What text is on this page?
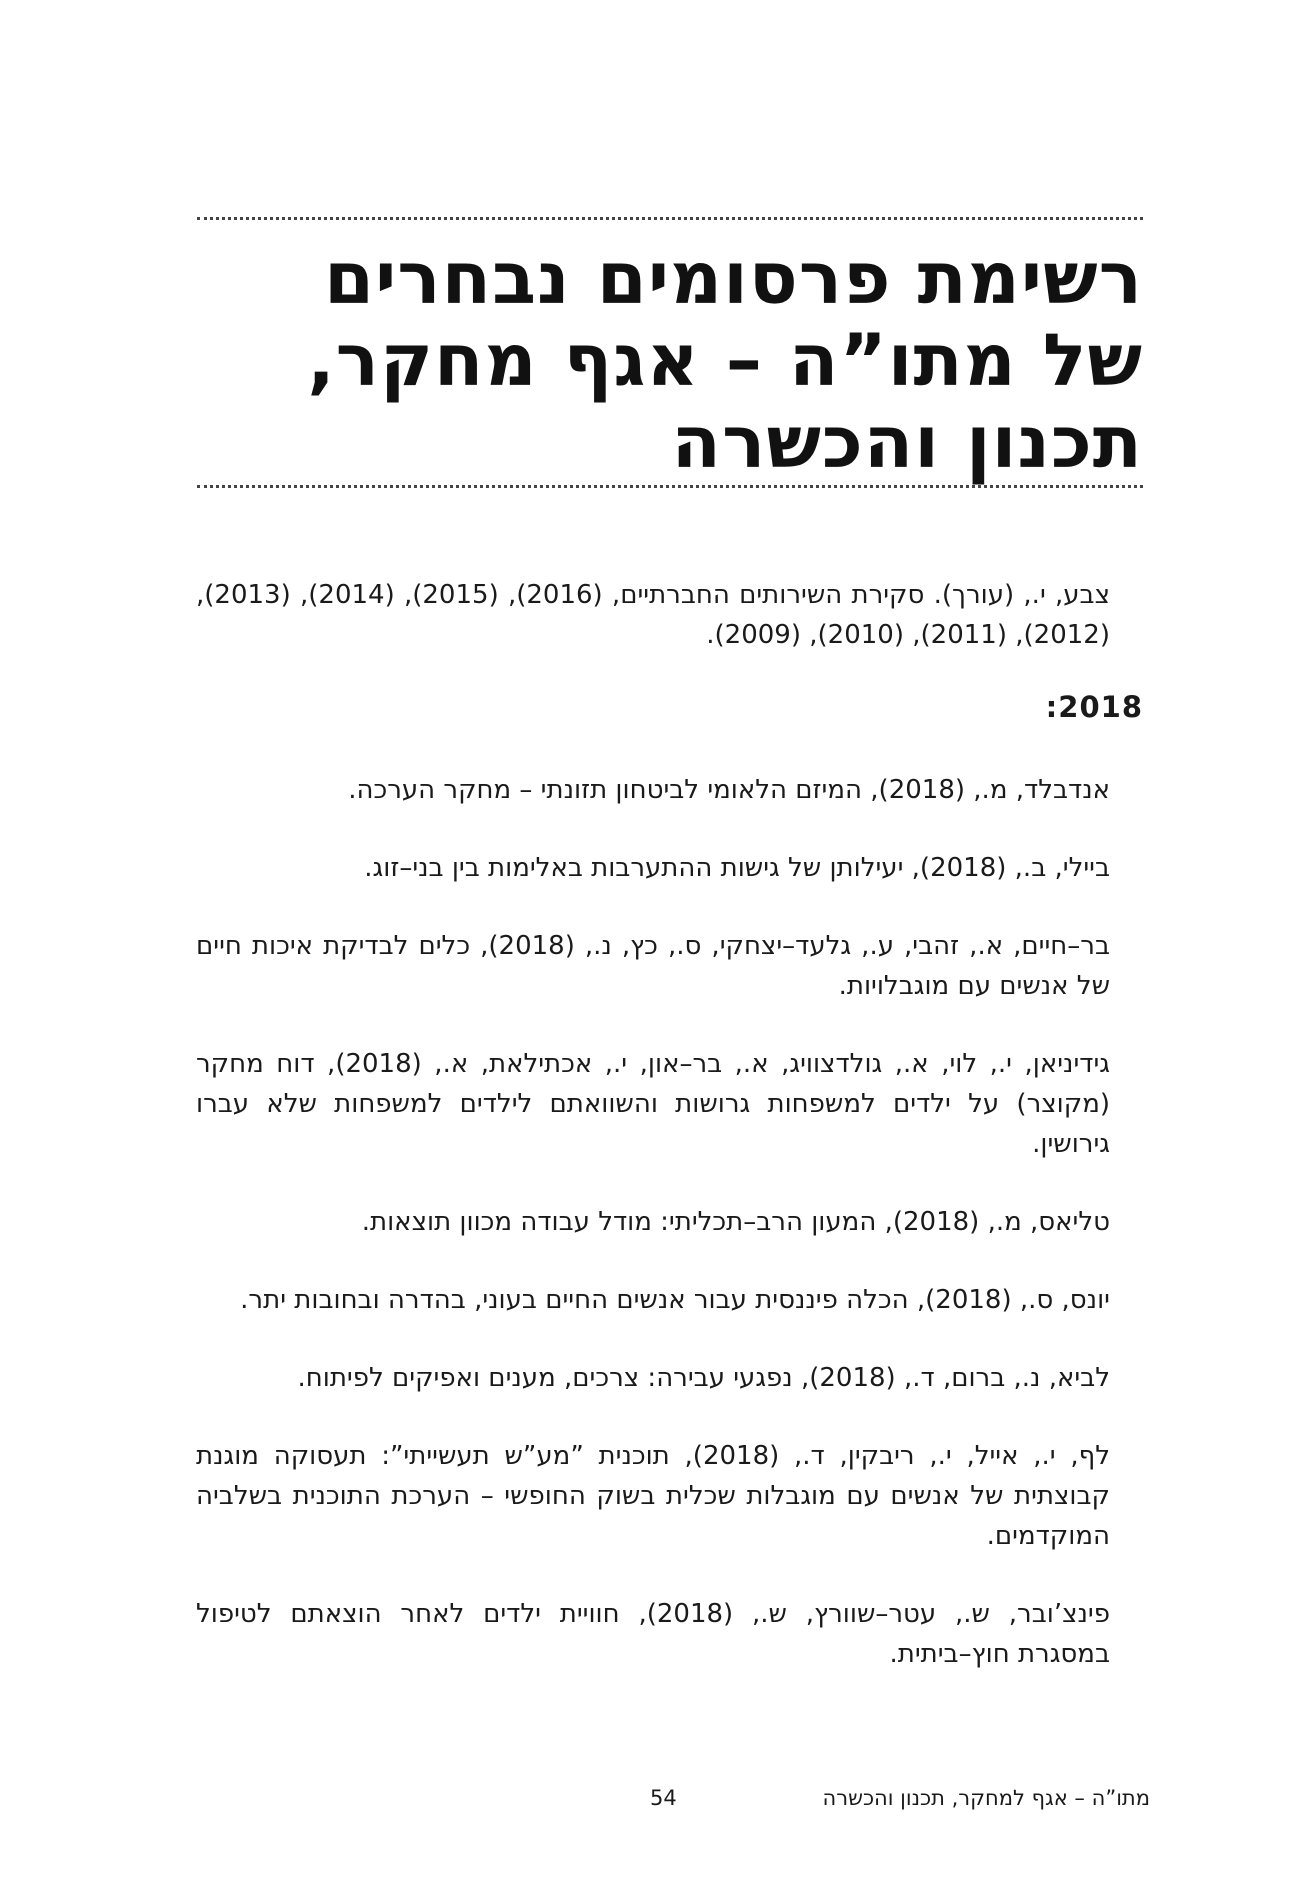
רשימת פרסומים נבחרים
של מתו”ה – אגף מחקר,
תכנון והכשרה

צבע, י., (עורך). סקירת השירותים החברתיים, (2016), (2015), (2014), (2013), (2012), (2011), (2010), (2009).

2018:
אנדבלד, מ., (2018), המיזם הלאומי לביטחון תזונתי – מחקר הערכה.
ביילי, ב., (2018), יעילותן של גישות ההתערבות באלימות בין בני–זוג.
בר–חיים, א., זהבי, ע., גלעד–יצחקי, ס., כץ, נ., (2018), כלים לבדיקת איכות חיים של אנשים עם מוגבלויות.
גידיניאן, י., לוי, א., גולדצוויג, א., בר–און, י., אכתילאת, א., (2018), דוח מחקר (מקוצר) על ילדים למשפחות גרושות והשוואתם לילדים למשפחות שלא עברו גירושין.
טליאס, מ., (2018), המעון הרב–תכליתי: מודל עבודה מכוון תוצאות.
יונס, ס., (2018), הכלה פיננסית עבור אנשים החיים בעוני, בהדרה ובחובות יתר.
לביא, נ., ברום, ד., (2018), נפגעי עבירה: צרכים, מענים ואפיקים לפיתוח.
לף, י., אייל, י., ריבקין, ד., (2018), תוכנית ”מע”ש תעשייתי”: תעסוקה מוגנת קבוצתית של אנשים עם מוגבלות שכלית בשוק החופשי – הערכת התוכנית בשלביה המוקדמים.
פינצ’ובר, ש., עטר–שוורץ, ש., (2018), חוויית ילדים לאחר הוצאתם לטיפול במסגרת חוץ–ביתית.
מתו”ה – אגף למחקר, תכנון והכשרה
54
